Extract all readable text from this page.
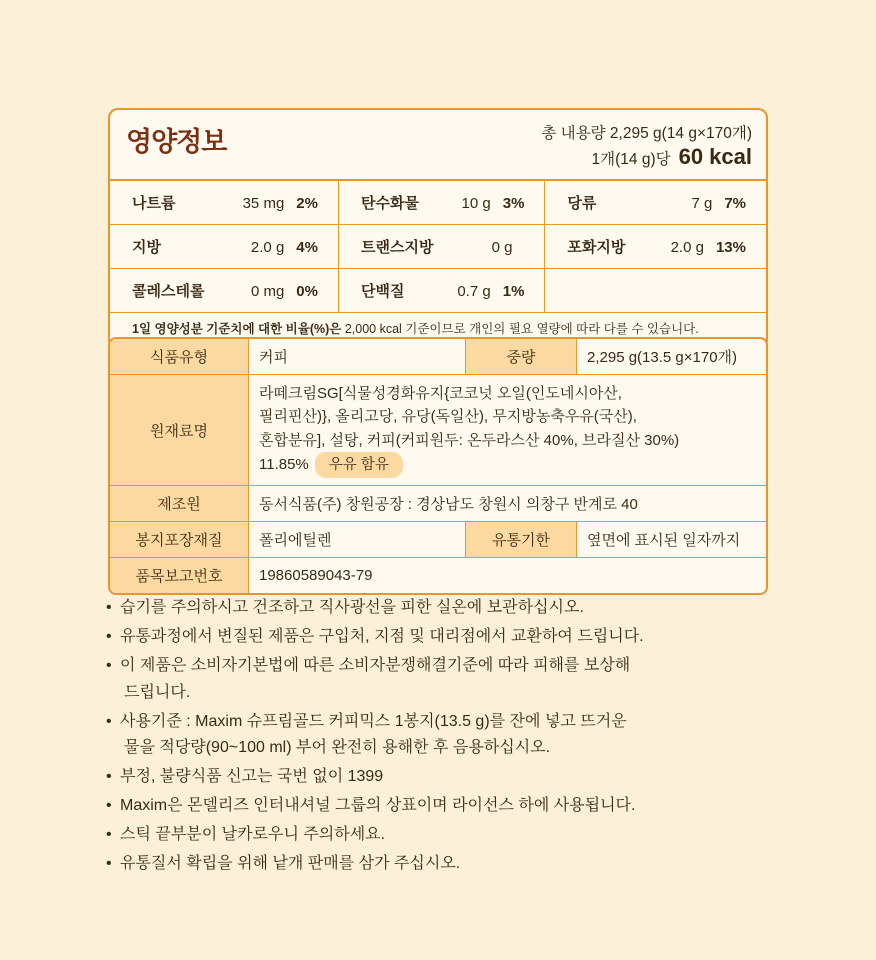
영양정보	총 내용량 2,295 g(14 g×170개)
1개(14 g)당 60 kcal
나트륨 35 mg 2%	탄수화물 10 g 3%	당류 7 g 7%

지방 2.0 g 4%	트랜스지방 0 g	포화지방 2.0 g 13%

콜레스테롤 0 mg 0%	단백질 0.7 g 1%	

1일 영양성분 기준치에 대한 비율(%)은 2,000 kcal 기준이므로 개인의 필요 열량에 따라 다를 수 있습니다.
식품유형	커피	중량	2,295 g(13.5 g×170개)
원재료명	라떼크림SG[식물성경화유지{코코넛 오일(인도네시아산,
필리핀산)}, 올리고당, 유당(독일산), 무지방농축우유(국산),
혼합분유], 설탕, 커피(커피원두: 온두라스산 40%, 브라질산 30%)
11.85% 우유 함유		
제조원	동서식품(주) 창원공장 : 경상남도 창원시 의창구 반계로 40		
봉지포장재질	폴리에틸렌	유통기한	옆면에 표시된 일자까지
품목보고번호	19860589043-79		
• 습기를 주의하시고 건조하고 직사광선을 피한 실온에 보관하십시오.
• 유통과정에서 변질된 제품은 구입처, 지점 및 대리점에서 교환하여 드립니다.
• 이 제품은 소비자기본법에 따른 소비자분쟁해결기준에 따라 피해를 보상해
드립니다.
• 사용기준 : Maxim 슈프림골드 커피믹스 1봉지(13.5 g)를 잔에 넣고 뜨거운
물을 적당량(90~100 ml) 부어 완전히 용해한 후 음용하십시오.
• 부정, 불량식품 신고는 국번 없이 1399
• Maxim은 몬델리즈 인터내셔널 그룹의 상표이며 라이선스 하에 사용됩니다.
• 스틱 끝부분이 날카로우니 주의하세요.
• 유통질서 확립을 위해 낱개 판매를 삼가 주십시오.
